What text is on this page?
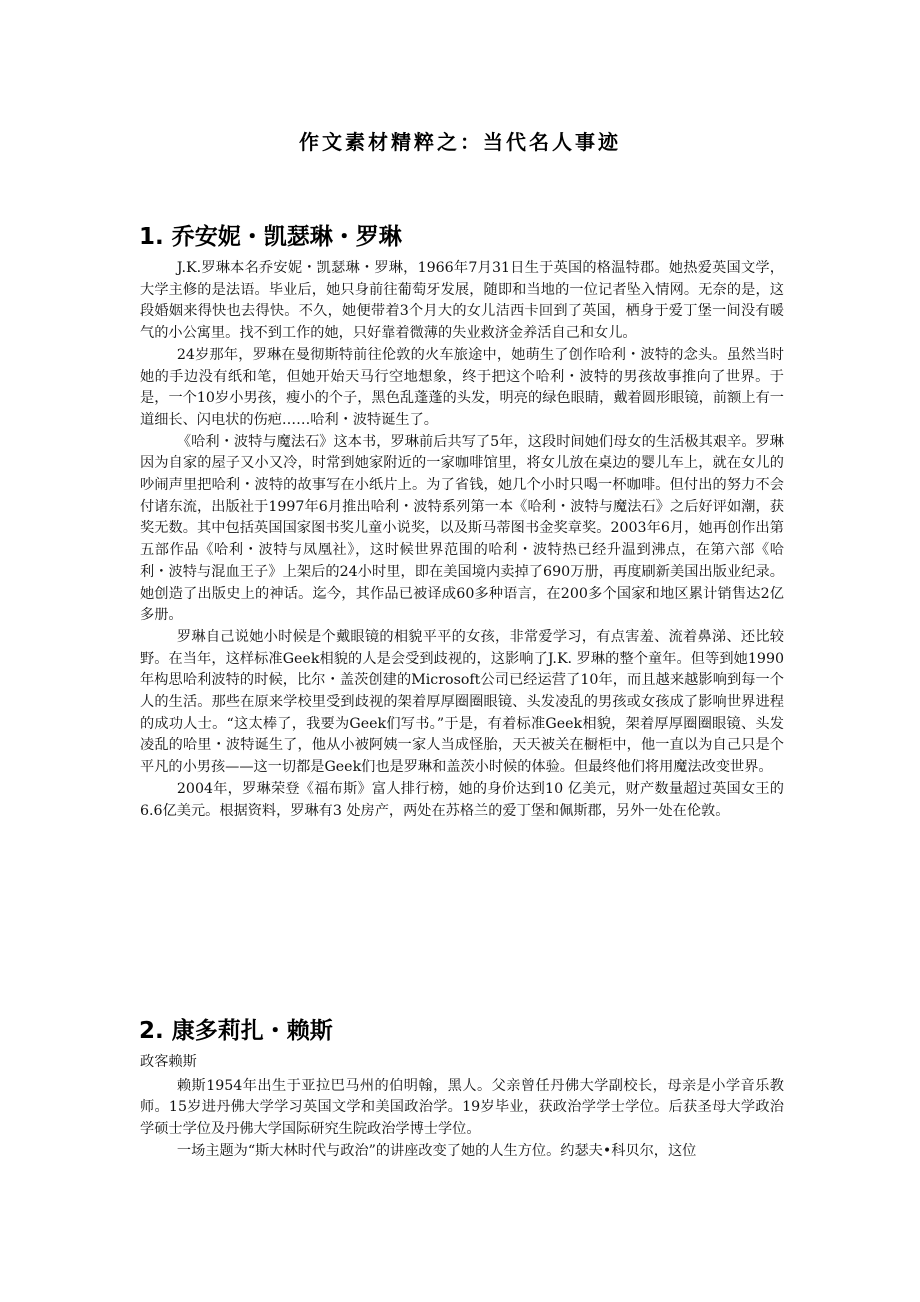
作文素材精粹之：当代名人事迹
1. 乔安妮・凯瑟琳・罗琳

J.K.罗琳本名乔安妮・凯瑟琳・罗琳，1966年7月31日生于英国的格温特郡。她热爱英国文学，大学主修的是法语。毕业后，她只身前往葡萄牙发展，随即和当地的一位记者坠入情网。无奈的是，这段婚姻来得快也去得快。不久，她便带着3个月大的女儿洁西卡回到了英国，栖身于爱丁堡一间没有暖气的小公寓里。找不到工作的她，只好靠着微薄的失业救济金养活自己和女儿。

24岁那年，罗琳在曼彻斯特前往伦敦的火车旅途中，她萌生了创作哈利・波特的念头。虽然当时她的手边没有纸和笔，但她开始天马行空地想象，终于把这个哈利・波特的男孩故事推向了世界。于是，一个10岁小男孩，瘦小的个子，黑色乱蓬蓬的头发，明亮的绿色眼睛，戴着圆形眼镜，前额上有一道细长、闪电状的伤疤……哈利・波特诞生了。

《哈利・波特与魔法石》这本书，罗琳前后共写了5年，这段时间她们母女的生活极其艰辛。罗琳因为自家的屋子又小又冷，时常到她家附近的一家咖啡馆里，将女儿放在桌边的婴儿车上，就在女儿的吵闹声里把哈利・波特的故事写在小纸片上。为了省钱，她几个小时只喝一杯咖啡。但付出的努力不会付诸东流，出版社于1997年6月推出哈利・波特系列第一本《哈利・波特与魔法石》之后好评如潮，获奖无数。其中包括英国国家图书奖儿童小说奖，以及斯马蒂图书金奖章奖。2003年6月，她再创作出第五部作品《哈利・波特与凤凰社》，这时候世界范围的哈利・波特热已经升温到沸点，在第六部《哈利・波特与混血王子》上架后的24小时里，即在美国境内卖掉了690万册，再度刷新美国出版业纪录。她创造了出版史上的神话。迄今，其作品已被译成60多种语言，在200多个国家和地区累计销售达2亿多册。

罗琳自己说她小时候是个戴眼镜的相貌平平的女孩，非常爱学习，有点害羞、流着鼻涕、还比较野。在当年，这样标准Geek相貌的人是会受到歧视的，这影响了J.K. 罗琳的整个童年。但等到她1990年构思哈利波特的时候，比尔・盖茨创建的Microsoft公司已经运营了10年，而且越来越影响到每一个人的生活。那些在原来学校里受到歧视的架着厚厚圈圈眼镜、头发凌乱的男孩或女孩成了影响世界进程的成功人士。“这太棒了，我要为Geek们写书。”于是，有着标准Geek相貌，架着厚厚圈圈眼镜、头发凌乱的哈里・波特诞生了，他从小被阿姨一家人当成怪胎，天天被关在橱柜中，他一直以为自己只是个平凡的小男孩——这一切都是Geek们也是罗琳和盖茨小时候的体验。但最终他们将用魔法改变世界。

2004年，罗琳荣登《福布斯》富人排行榜，她的身价达到10 亿美元，财产数量超过英国女王的6.6亿美元。根据资料，罗琳有3 处房产，两处在苏格兰的爱丁堡和佩斯郡，另外一处在伦敦。

2. 康多莉扎・赖斯

政客赖斯

赖斯1954年出生于亚拉巴马州的伯明翰，黑人。父亲曾任丹佛大学副校长，母亲是小学音乐教师。15岁进丹佛大学学习英国文学和美国政治学。19岁毕业，获政治学学士学位。后获圣母大学政治学硕士学位及丹佛大学国际研究生院政治学博士学位。

一场主题为“斯大林时代与政治”的讲座改变了她的人生方位。约瑟夫•科贝尔，这位
